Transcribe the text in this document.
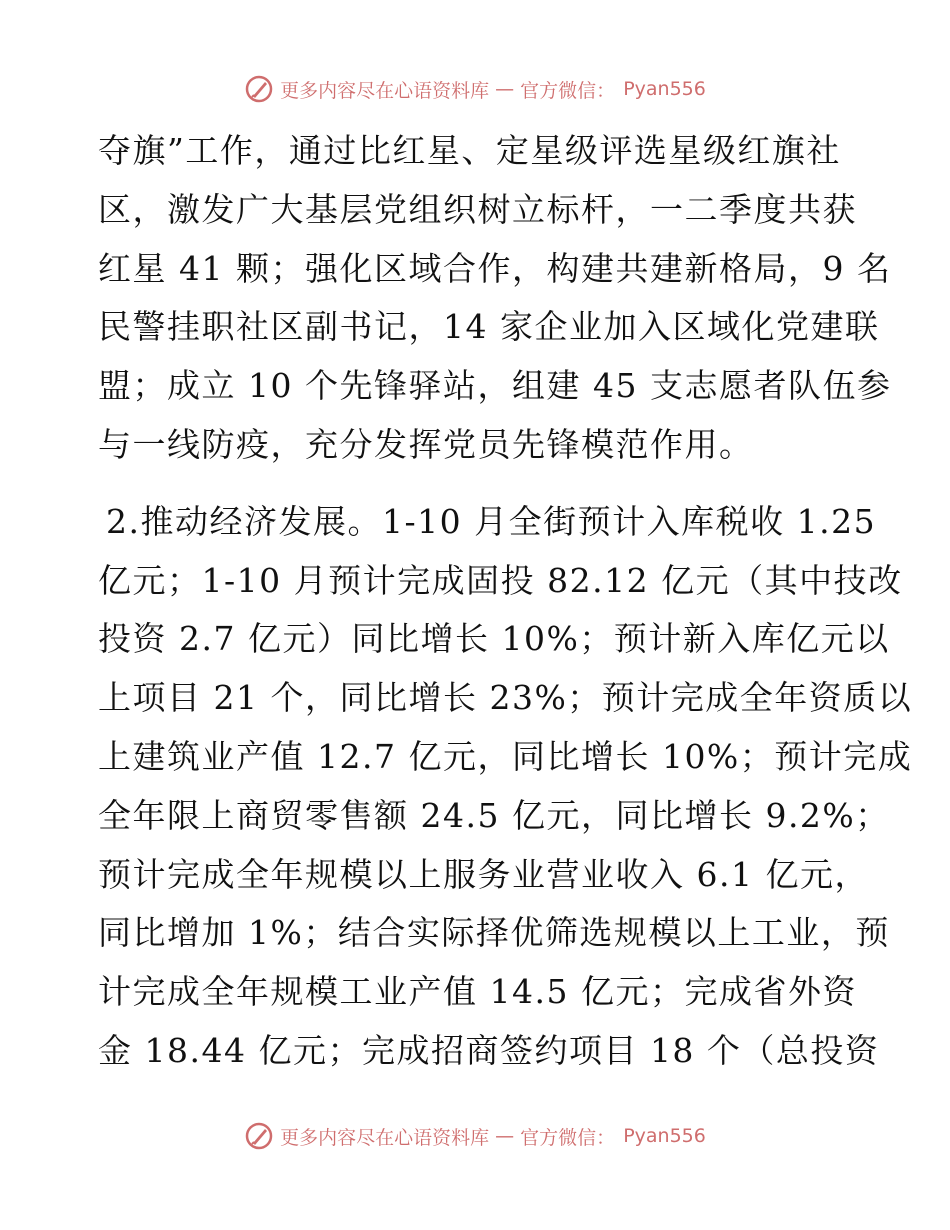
更多内容尽在心语资料库 — 官方微信： Pyan556

夺旗”工作，通过比红星、定星级评选星级红旗社
区，激发广大基层党组织树立标杆，一二季度共获
红星 41 颗；强化区域合作，构建共建新格局，9 名
民警挂职社区副书记，14 家企业加入区域化党建联
盟；成立 10 个先锋驿站，组建 45 支志愿者队伍参
与一线防疫，充分发挥党员先锋模范作用。

2.推动经济发展。1-10 月全街预计入库税收 1.25
亿元；1-10 月预计完成固投 82.12 亿元（其中技改
投资 2.7 亿元）同比增长 10%；预计新入库亿元以
上项目 21 个，同比增长 23%；预计完成全年资质以
上建筑业产值 12.7 亿元，同比增长 10%；预计完成
全年限上商贸零售额 24.5 亿元，同比增长 9.2%；
预计完成全年规模以上服务业营业收入 6.1 亿元，
同比增加 1%；结合实际择优筛选规模以上工业，预
计完成全年规模工业产值 14.5 亿元；完成省外资
金 18.44 亿元；完成招商签约项目 18 个（总投资

更多内容尽在心语资料库 — 官方微信： Pyan556
